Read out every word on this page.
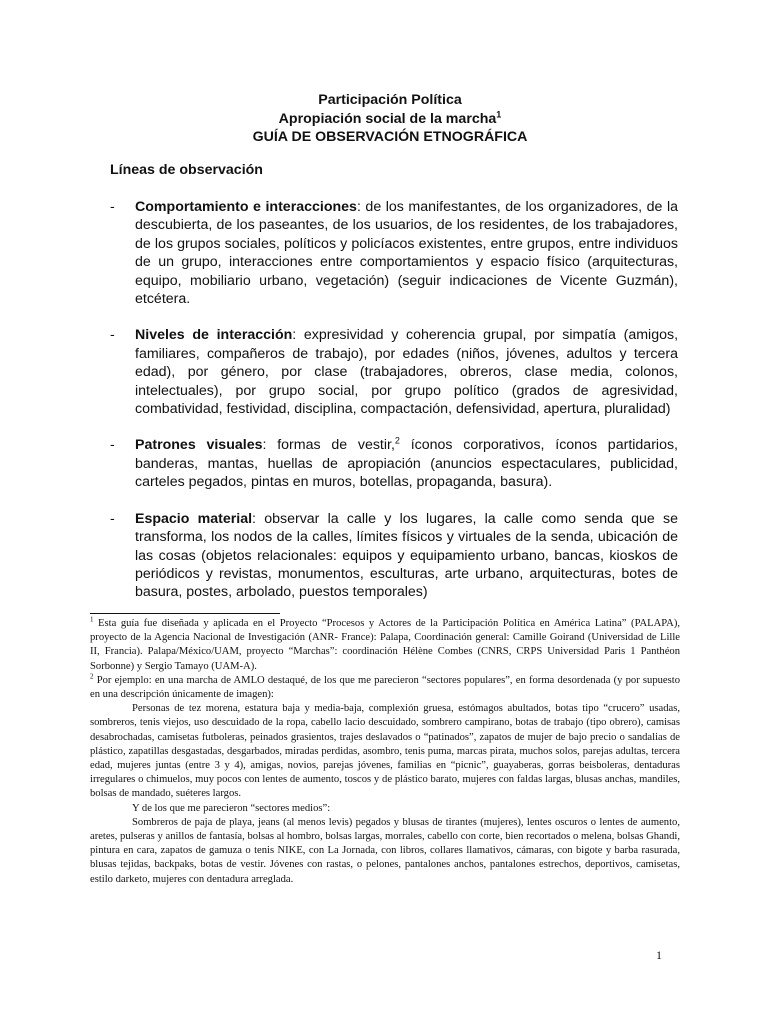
Participación Política
Apropiación social de la marcha$^1$
GUÍA DE OBSERVACIÓN ETNOGRÁFICA
Líneas de observación
- Comportamiento e interacciones: de los manifestantes, de los organizadores, de la descubierta, de los paseantes, de los usuarios, de los residentes, de los trabajadores, de los grupos sociales, políticos y policíacos existentes, entre grupos, entre individuos de un grupo, interacciones entre comportamientos y espacio físico (arquitecturas, equipo, mobiliario urbano, vegetación) (seguir indicaciones de Vicente Guzmán), etcétera.
- Niveles de interacción: expresividad y coherencia grupal, por simpatía (amigos, familiares, compañeros de trabajo), por edades (niños, jóvenes, adultos y tercera edad), por género, por clase (trabajadores, obreros, clase media, colonos, intelectuales), por grupo social, por grupo político (grados de agresividad, combatividad, festividad, disciplina, compactación, defensividad, apertura, pluralidad)
- Patrones visuales: formas de vestir,$^2$ íconos corporativos, íconos partidarios, banderas, mantas, huellas de apropiación (anuncios espectaculares, publicidad, carteles pegados, pintas en muros, botellas, propaganda, basura).
- Espacio material: observar la calle y los lugares, la calle como senda que se transforma, los nodos de la calles, límites físicos y virtuales de la senda, ubicación de las cosas (objetos relacionales: equipos y equipamiento urbano, bancas, kioskos de periódicos y revistas, monumentos, esculturas, arte urbano, arquitecturas, botes de basura, postes, arbolado, puestos temporales)

$^1$ Esta guía fue diseñada y aplicada en el Proyecto “Procesos y Actores de la Participación Política en América Latina” (PALAPA), proyecto de la Agencia Nacional de Investigación (ANR- France): Palapa, Coordinación general: Camille Goirand (Universidad de Lille II, Francia). Palapa/México/UAM, proyecto “Marchas”: coordinación Hélène Combes (CNRS, CRPS Universidad Paris 1 Panthéon Sorbonne) y Sergio Tamayo (UAM-A).

$^2$ Por ejemplo: en una marcha de AMLO destaqué, de los que me parecieron “sectores populares”, en forma desordenada (y por supuesto en una descripción únicamente de imagen):

Personas de tez morena, estatura baja y media-baja, complexión gruesa, estómagos abultados, botas tipo “crucero” usadas, sombreros, tenis viejos, uso descuidado de la ropa, cabello lacio descuidado, sombrero campirano, botas de trabajo (tipo obrero), camisas desabrochadas, camisetas futboleras, peinados grasientos, trajes deslavados o “patinados”, zapatos de mujer de bajo precio o sandalias de plástico, zapatillas desgastadas, desgarbados, miradas perdidas, asombro, tenis puma, marcas pirata, muchos solos, parejas adultas, tercera edad, mujeres juntas (entre 3 y 4), amigas, novios, parejas jóvenes, familias en “picnic”, guayaberas, gorras beisboleras, dentaduras irregulares o chimuelos, muy pocos con lentes de aumento, toscos y de plástico barato, mujeres con faldas largas, blusas anchas, mandiles, bolsas de mandado, suéteres largos.

Y de los que me parecieron “sectores medios”:

Sombreros de paja de playa, jeans (al menos levis) pegados y blusas de tirantes (mujeres), lentes oscuros o lentes de aumento, aretes, pulseras y anillos de fantasía, bolsas al hombro, bolsas largas, morrales, cabello con corte, bien recortados o melena, bolsas Ghandi, pintura en cara, zapatos de gamuza o tenis NIKE, con La Jornada, con libros, collares llamativos, cámaras, con bigote y barba rasurada, blusas tejidas, backpaks, botas de vestir. Jóvenes con rastas, o pelones, pantalones anchos, pantalones estrechos, deportivos, camisetas, estilo darketo, mujeres con dentadura arreglada.

1
